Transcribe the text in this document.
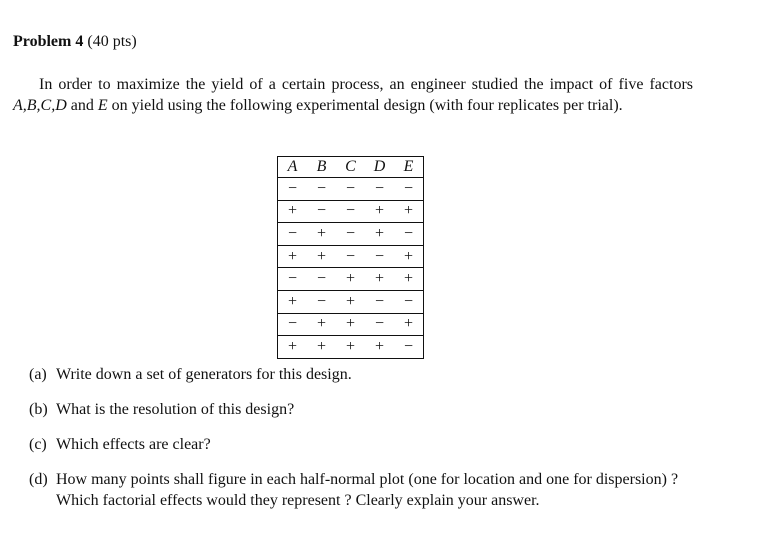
Problem 4 (40 pts)
In order to maximize the yield of a certain process, an engineer studied the impact of five factors A,B,C,D and E on yield using the following experimental design (with four replicates per trial).
A	B	C	D	E
−	−	−	−	−
+	−	−	+	+
−	+	−	+	−
+	+	−	−	+
−	−	+	+	+
+	−	+	−	−
−	+	+	−	+
+	+	+	+	−
(a) Write down a set of generators for this design.
(b) What is the resolution of this design?
(c) Which effects are clear?
(d) How many points shall figure in each half-normal plot (one for location and one for dispersion) ? Which factorial effects would they represent ? Clearly explain your answer.
